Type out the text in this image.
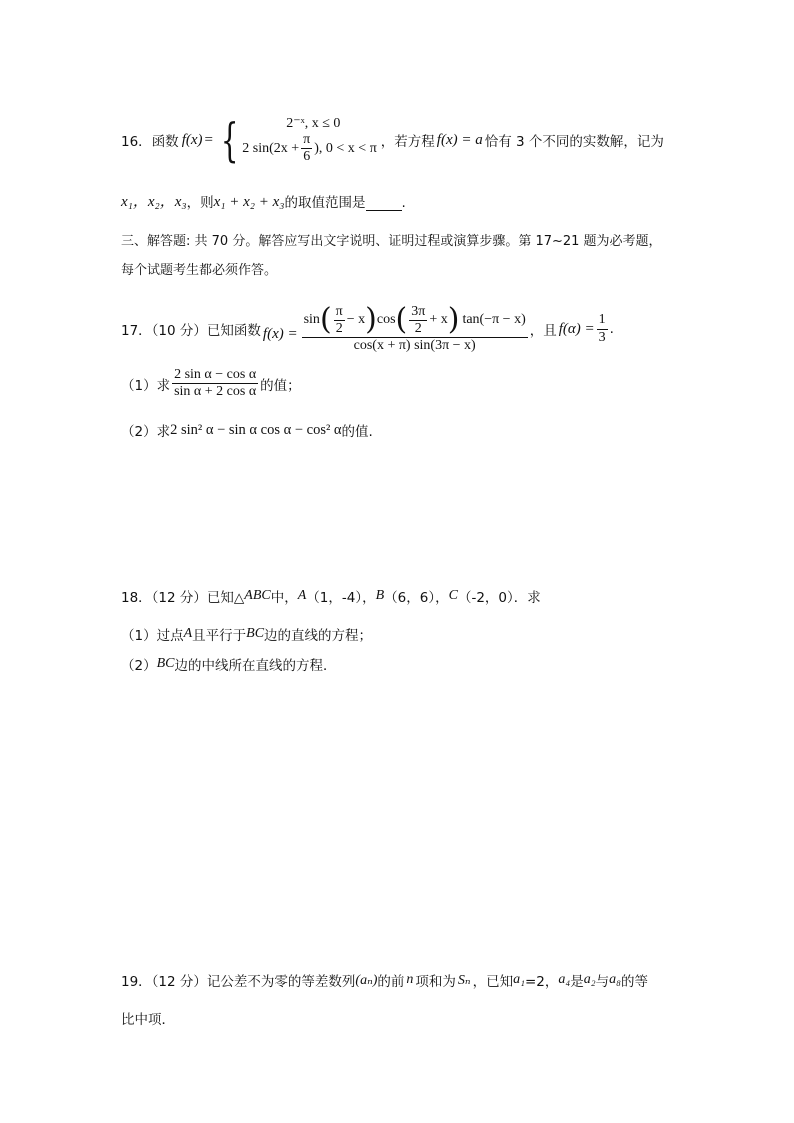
16． 函数 f(x) = {	2⁻ˣ, x ≤ 0
2 $\sin(2x + \frac{\pi}{6}$ ), 0 < x < π ，若方程 f(x) = a 恰有 3 个不同的实数解，记为
x₁，x₂，x₃ ，则 x₁ + x₂ + x₃ 的取值范围是	.
三、解答题: 共 70 分。解答应写出文字说明、证明过程或演算步骤。第 17~21 题为必考题，
每个试题考生都必须作答。
17．（10 分）已知函数 f(x) =
sin ( $\frac{\pi}{2} - x$ ) cos ( $\frac{3\pi}{2} + x$ ) tan(−π − x)
cos(x + π) sin(3π − x)
，且 $f(\alpha) = \frac{1}{3}$ .
（1）求 $\frac{\text{2 sin α − cos α}}{\text{sin α + 2 cos α}}$ 的值；
（2）求 2 sin² α − sin α cos α − cos² α 的值.
18．（12 分）已知△ ABC 中， A （1，-4）， B （6，6）， C （-2，0）．求
（1）过点 A 且平行于 BC 边的直线的方程；
（2） BC 边的中线所在直线的方程．
19．（12 分）记公差不为零的等差数列 (aₙ) 的前 n 项和为 Sₙ ，已知 a₁ =2， a₄ 是 a₂ 与 a₈ 的等
比中项．
